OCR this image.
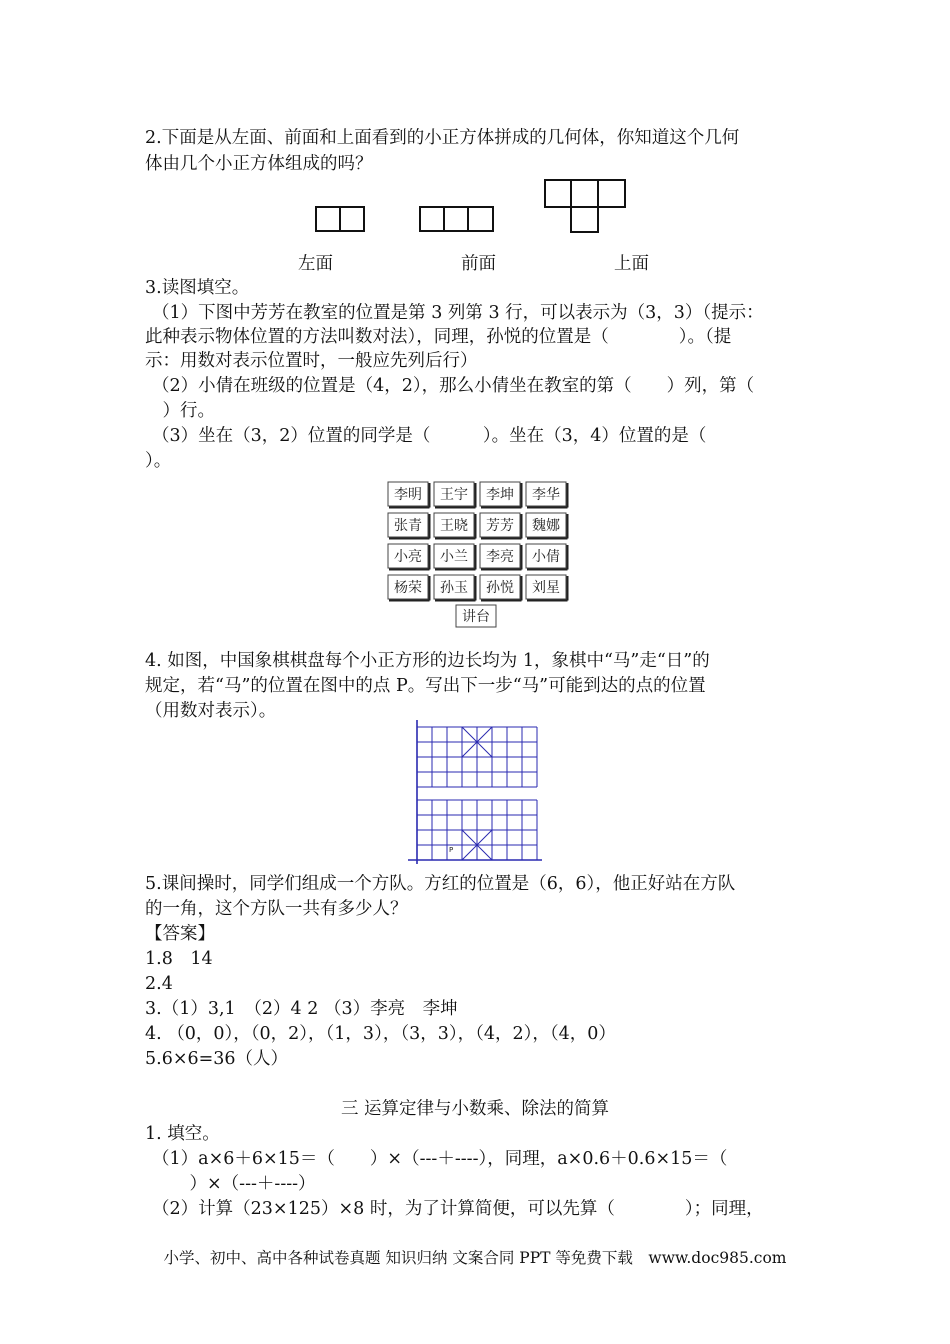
2.下面是从左面、前面和上面看到的小正方体拼成的几何体，你知道这个几何
体由几个小正方体组成的吗？
左面	前面	上面
3.读图填空。
（1）下图中芳芳在教室的位置是第 3 列第 3 行，可以表示为（3，3）（提示：
此种表示物体位置的方法叫数对法），同理，孙悦的位置是（　　　　）。（提
示：用数对表示位置时，一般应先列后行）
（2）小倩在班级的位置是（4，2），那么小倩坐在教室的第（　　）列，第（
　）行。
（3）坐在（3，2）位置的同学是（　　　）。坐在（3，4）位置的是（
）。
李明 王宇 李坤 李华
张青 王晓 芳芳 魏娜
小亮 小兰 李亮 小倩
杨荣 孙玉 孙悦 刘星
讲台
4. 如图，中国象棋棋盘每个小正方形的边长均为 1，象棋中“马”走“日”的
规定，若“马”的位置在图中的点 P。写出下一步“马”可能到达的点的位置
（用数对表示）。
P
5.课间操时，同学们组成一个方队。方红的位置是（6，6），他正好站在方队
的一角，这个方队一共有多少人？
【答案】
1.8　14
2.4
3.（1）3,1　（2）4 2 （3）李亮　李坤
4. （0，0），（0，2），（1，3），（3，3），（4，2），（4，0）
5.6×6=36（人）
三 运算定律与小数乘、除法的简算
1. 填空。
（1）a×6＋6×15＝（　　）×（---＋----），同理，a×0.6＋0.6×15＝（
　）×（---＋----）
（2）计算（23×125）×8 时，为了计算简便，可以先算（　　　　）；同理，
小学、初中、高中各种试卷真题 知识归纳 文案合同 PPT 等免费下载　www.doc985.com
